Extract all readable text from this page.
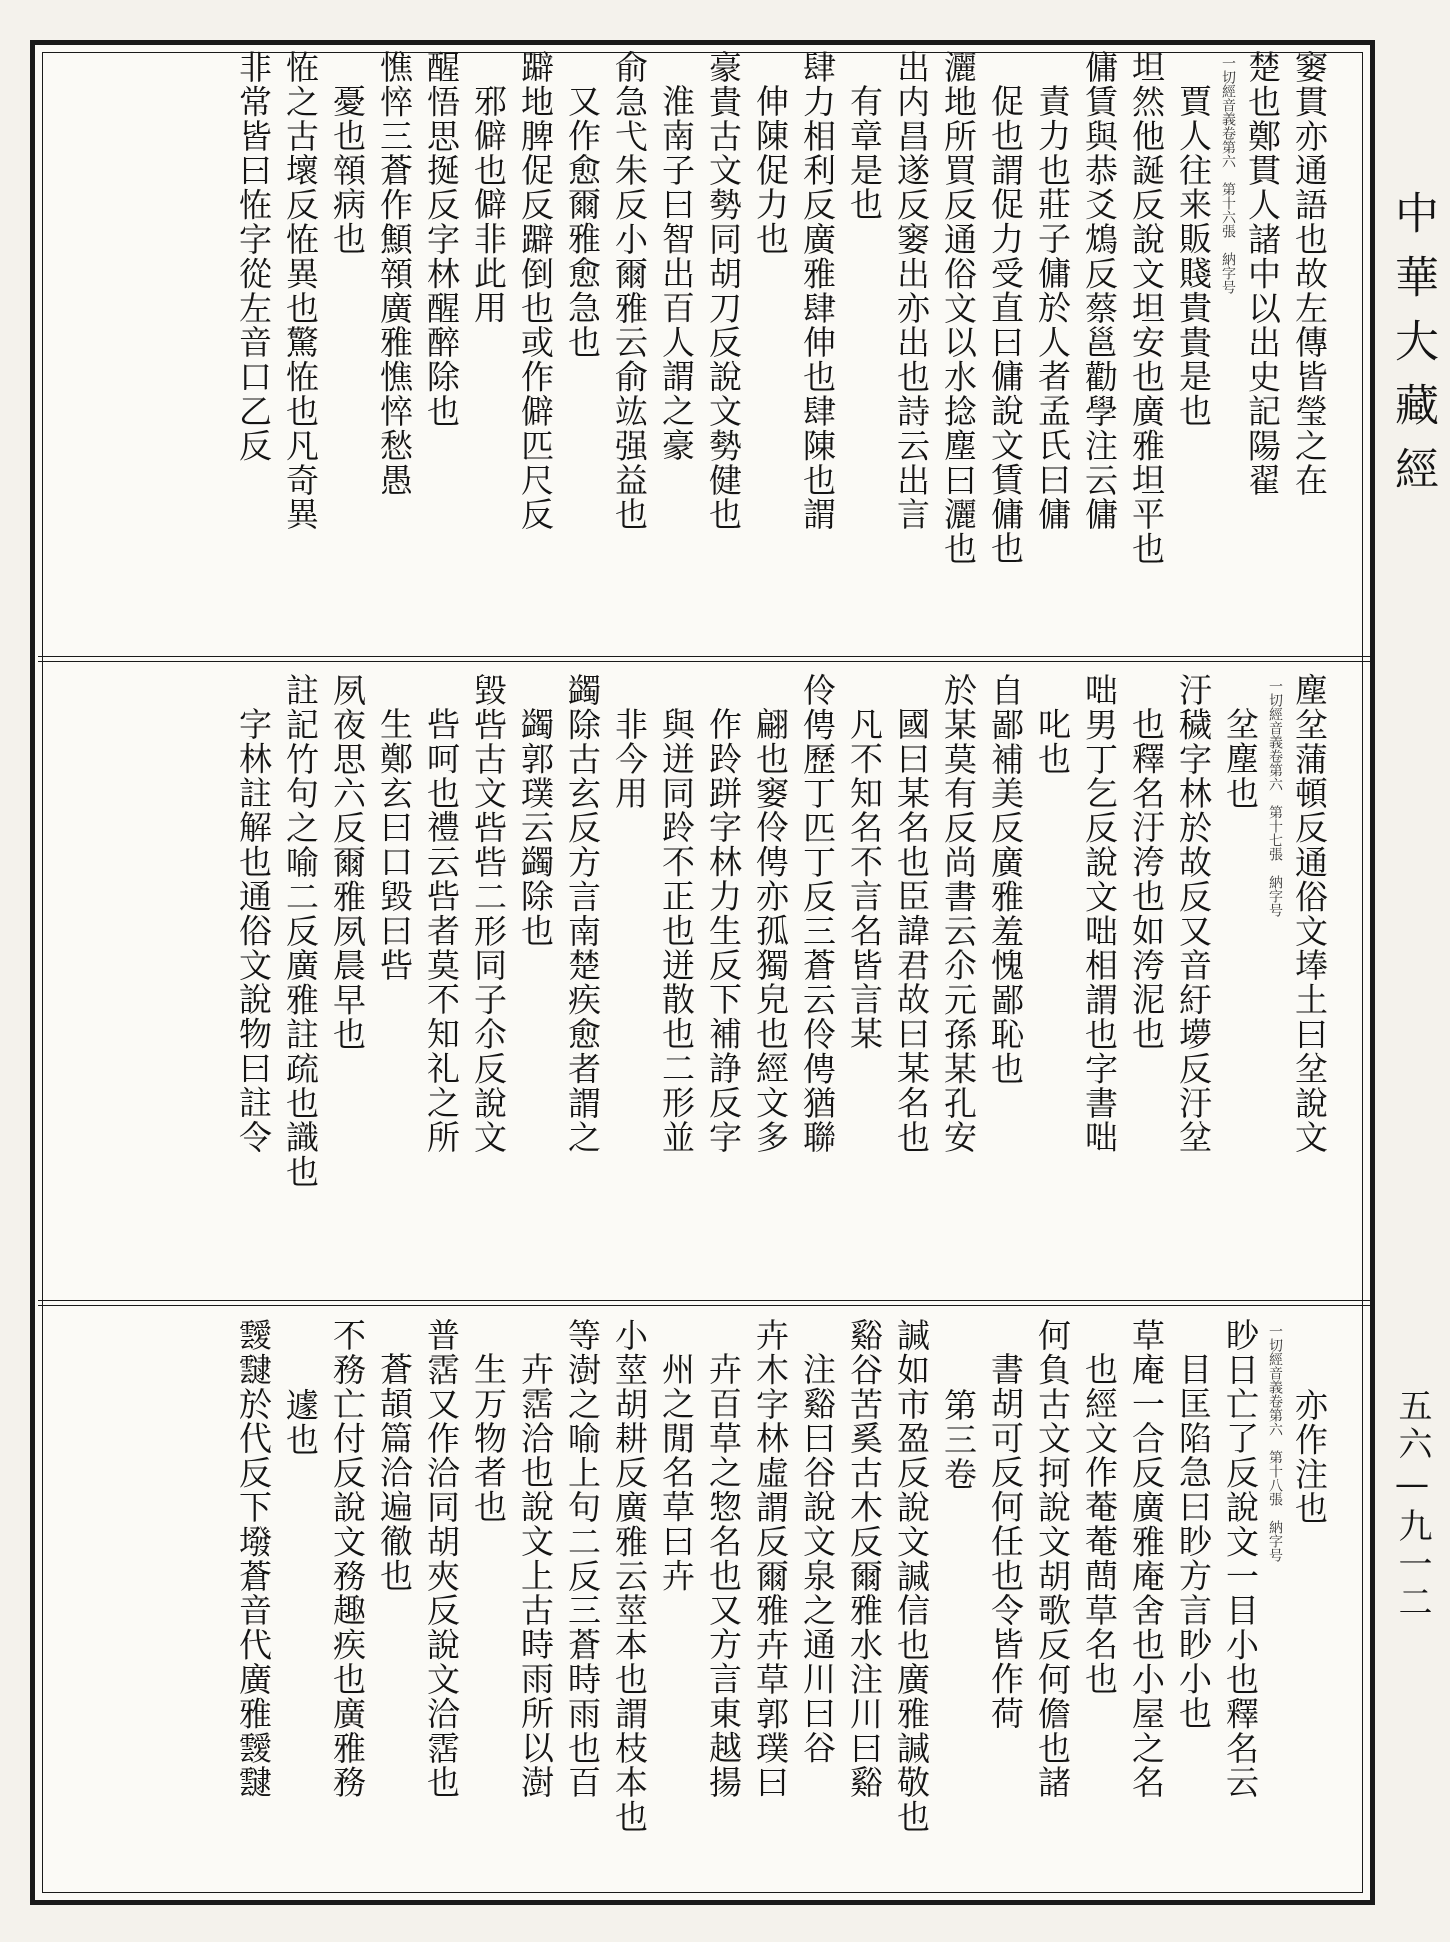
窭貫亦通語也故左傳皆瑩之在
楚也鄭貫人諸中以出史記陽翟
一切經音義卷第六　第十六張　納字号
賈人往来販賤貴貴是也
坦然他誕反說文坦安也廣雅坦平也
傭賃與恭爻鴆反蔡邕勸學注云傭
責力也莊子傭於人者孟氏曰傭
促也謂促力受直曰傭說文賃傭也
灑地所買反通俗文以水捻塵曰灑也
出内昌遂反窭出亦出也詩云出言
有章是也
肆力相利反廣雅肆伸也肆陳也謂
伸陳促力也
豪貴古文勢同胡刀反說文勢健也
淮南子曰智出百人謂之豪
俞急弋朱反小爾雅云俞竑强益也
又作愈爾雅愈急也
躃地脾促反躃倒也或作僻匹尺反
邪僻也僻非此用
醒悟思挻反字林醒醉除也
憔悴三蒼作顦顇廣雅憔悴愁愚
憂也顇病也
恠之古壞反恠異也驚恠也凡奇異
非常皆曰恠字從左音口乙反
塵坌蒲頓反通俗文埲土曰坌說文
一切經音義卷第六　第十七張　納字号
坌塵也
汙穢字林於故反又音紆㙹反汙坌
也釋名汙洿也如洿泥也
咄男丁乞反說文咄相謂也字書咄
叱也
自鄙補美反廣雅羞愧鄙恥也
於某莫有反尚書云尒元孫某孔安
國曰某名也臣諱君故曰某名也
凡不知名不言名皆言某
伶俜歷丁匹丁反三蒼云伶俜猶聯
翩也窭伶俜亦孤獨皃也經文多
作跉跰字林力生反下補諍反字
與迸同跉不正也迸散也二形並
非今用
蠲除古玄反方言南楚疾愈者謂之
蠲郭璞云蠲除也
毀呰古文呰呰二形同子尒反說文
呰呵也禮云呰者莫不知礼之所
生鄭玄曰口毀曰呰
夙夜思六反爾雅夙晨早也
註記竹句之喻二反廣雅註疏也識也
字林註解也通俗文說物曰註令
亦作注也
一切經音義卷第六　第十八張　納字号
眇日亡了反說文一目小也釋名云
目匡陷急曰眇方言眇小也
草庵一合反廣雅庵舍也小屋之名
也經文作菴菴蔄草名也
何負古文抲說文胡歌反何儋也諸
書胡可反何任也令皆作荷
第三卷
諴如市盈反說文諴信也廣雅諴敬也
谿谷苦奚古木反爾雅水注川曰谿
注谿曰谷說文泉之通川曰谷
卉木字林虛謂反爾雅卉草郭璞曰
卉百草之惣名也又方言東越揚
州之閒名草曰卉
小莖胡耕反廣雅云莖本也謂枝本也
等澍之喻上句二反三蒼時雨也百
卉霑洽也說文上古時雨所以澍
生万物者也
普霑又作洽同胡夾反說文洽霑也
蒼頡篇洽遍徹也
不務亡付反說文務趣疾也廣雅務
遽也
靉靆於代反下墢蒼音代廣雅靉靆
中華大藏經
五六—九一二
